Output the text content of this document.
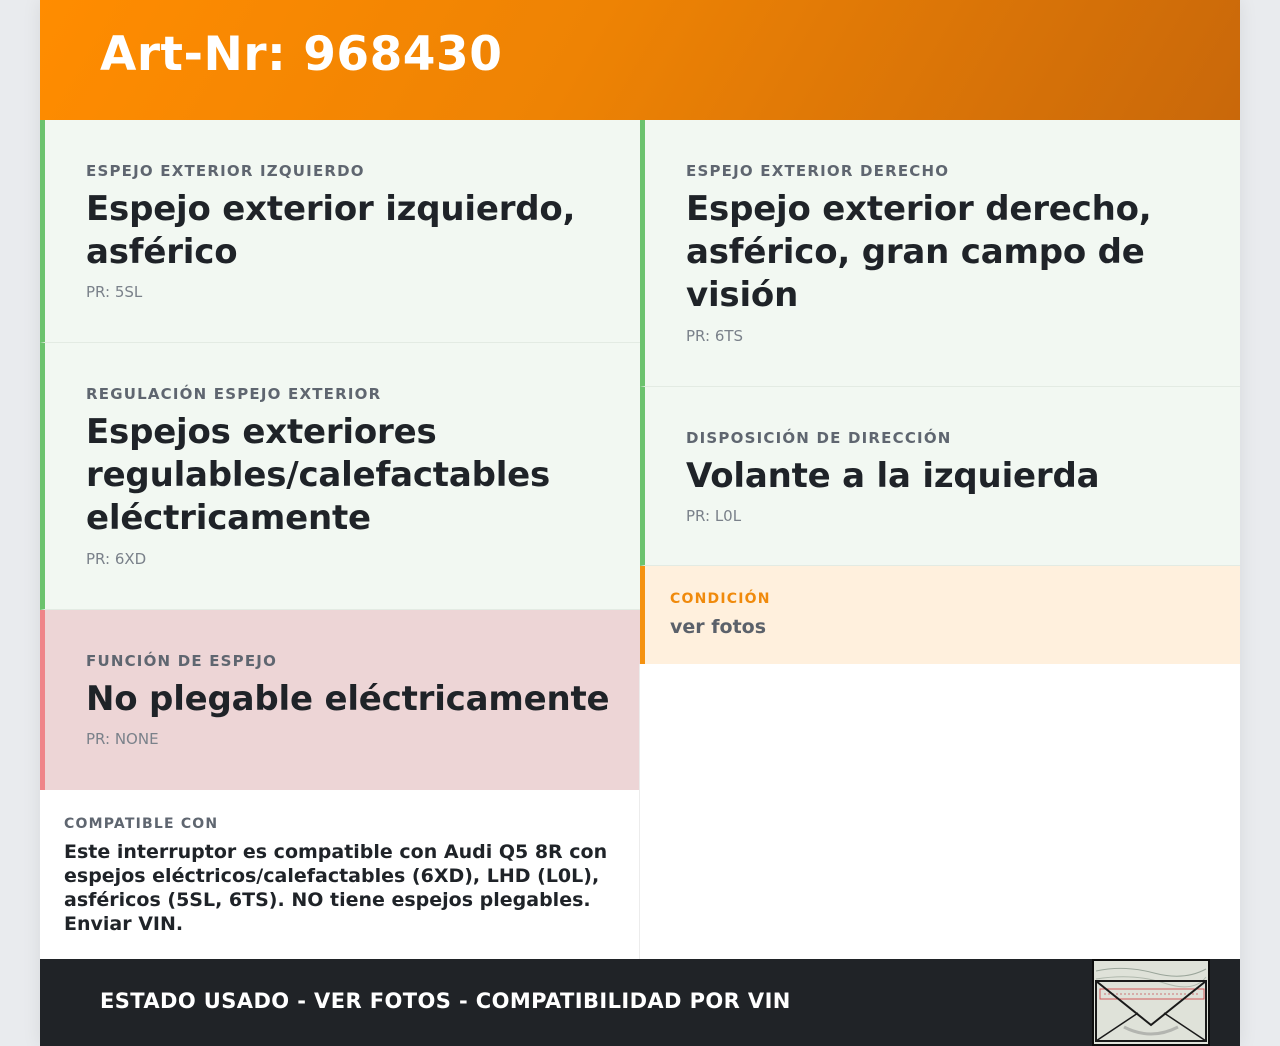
Art-Nr: 968430
ESPEJO EXTERIOR IZQUIERDO
Espejo exterior izquierdo, asférico
PR: 5SL
REGULACIÓN ESPEJO EXTERIOR
Espejos exteriores regulables/calefactables eléctricamente
PR: 6XD
FUNCIÓN DE ESPEJO
No plegable eléctricamente
PR: NONE
COMPATIBLE CON
Este interruptor es compatible con Audi Q5 8R con espejos eléctricos/calefactables (6XD), LHD (L0L), asféricos (5SL, 6TS). NO tiene espejos plegables. Enviar VIN.
ESPEJO EXTERIOR DERECHO
Espejo exterior derecho, asférico, gran campo de visión
PR: 6TS
DISPOSICIÓN DE DIRECCIÓN
Volante a la izquierda
PR: L0L
CONDICIÓN
ver fotos
ESTADO USADO - VER FOTOS - COMPATIBILIDAD POR VIN
